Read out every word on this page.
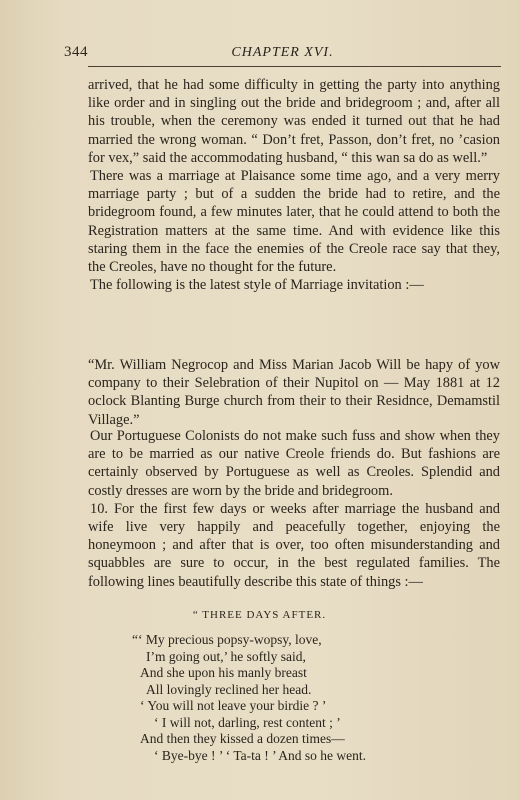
344	CHAPTER XVI.

arrived, that he had some difficulty in getting the party into anything like order and in singling out the bride and bridegroom ; and, after all his trouble, when the ceremony was ended it turned out that he had married the wrong woman. “ Don’t fret, Passon, don’t fret, no ’casion for vex,” said the accommodating husband, “ this wan sa do as well.”

There was a marriage at Plaisance some time ago, and a very merry marriage party ; but of a sudden the bride had to retire, and the bridegroom found, a few minutes later, that he could attend to both the Registration matters at the same time. And with evidence like this staring them in the face the enemies of the Creole race say that they, the Creoles, have no thought for the future.

The following is the latest style of Marriage invitation :—

“Mr. William Negrocop and Miss Marian Jacob Will be hapy of yow company to their Selebration of their Nupitol on — May 1881 at 12 oclock Blanting Burge church from their to their Residnce, Demamstil Village.”

Our Portuguese Colonists do not make such fuss and show when they are to be married as our native Creole friends do. But fashions are certainly observed by Portuguese as well as Creoles. Splendid and costly dresses are worn by the bride and bridegroom.

10. For the first few days or weeks after marriage the husband and wife live very happily and peacefully together, enjoying the honeymoon ; and after that is over, too often misunderstanding and squabbles are sure to occur, in the best regulated families. The following lines beautifully describe this state of things :—

“ THREE DAYS AFTER.
“‘ My precious popsy-wopsy, love,
I’m going out,’ he softly said,
And she upon his manly breast
All lovingly reclined her head.
‘ You will not leave your birdie ? ’
‘ I will not, darling, rest content ; ’
And then they kissed a dozen times—
‘ Bye-bye ! ’ ‘ Ta-ta ! ’ And so he went.
